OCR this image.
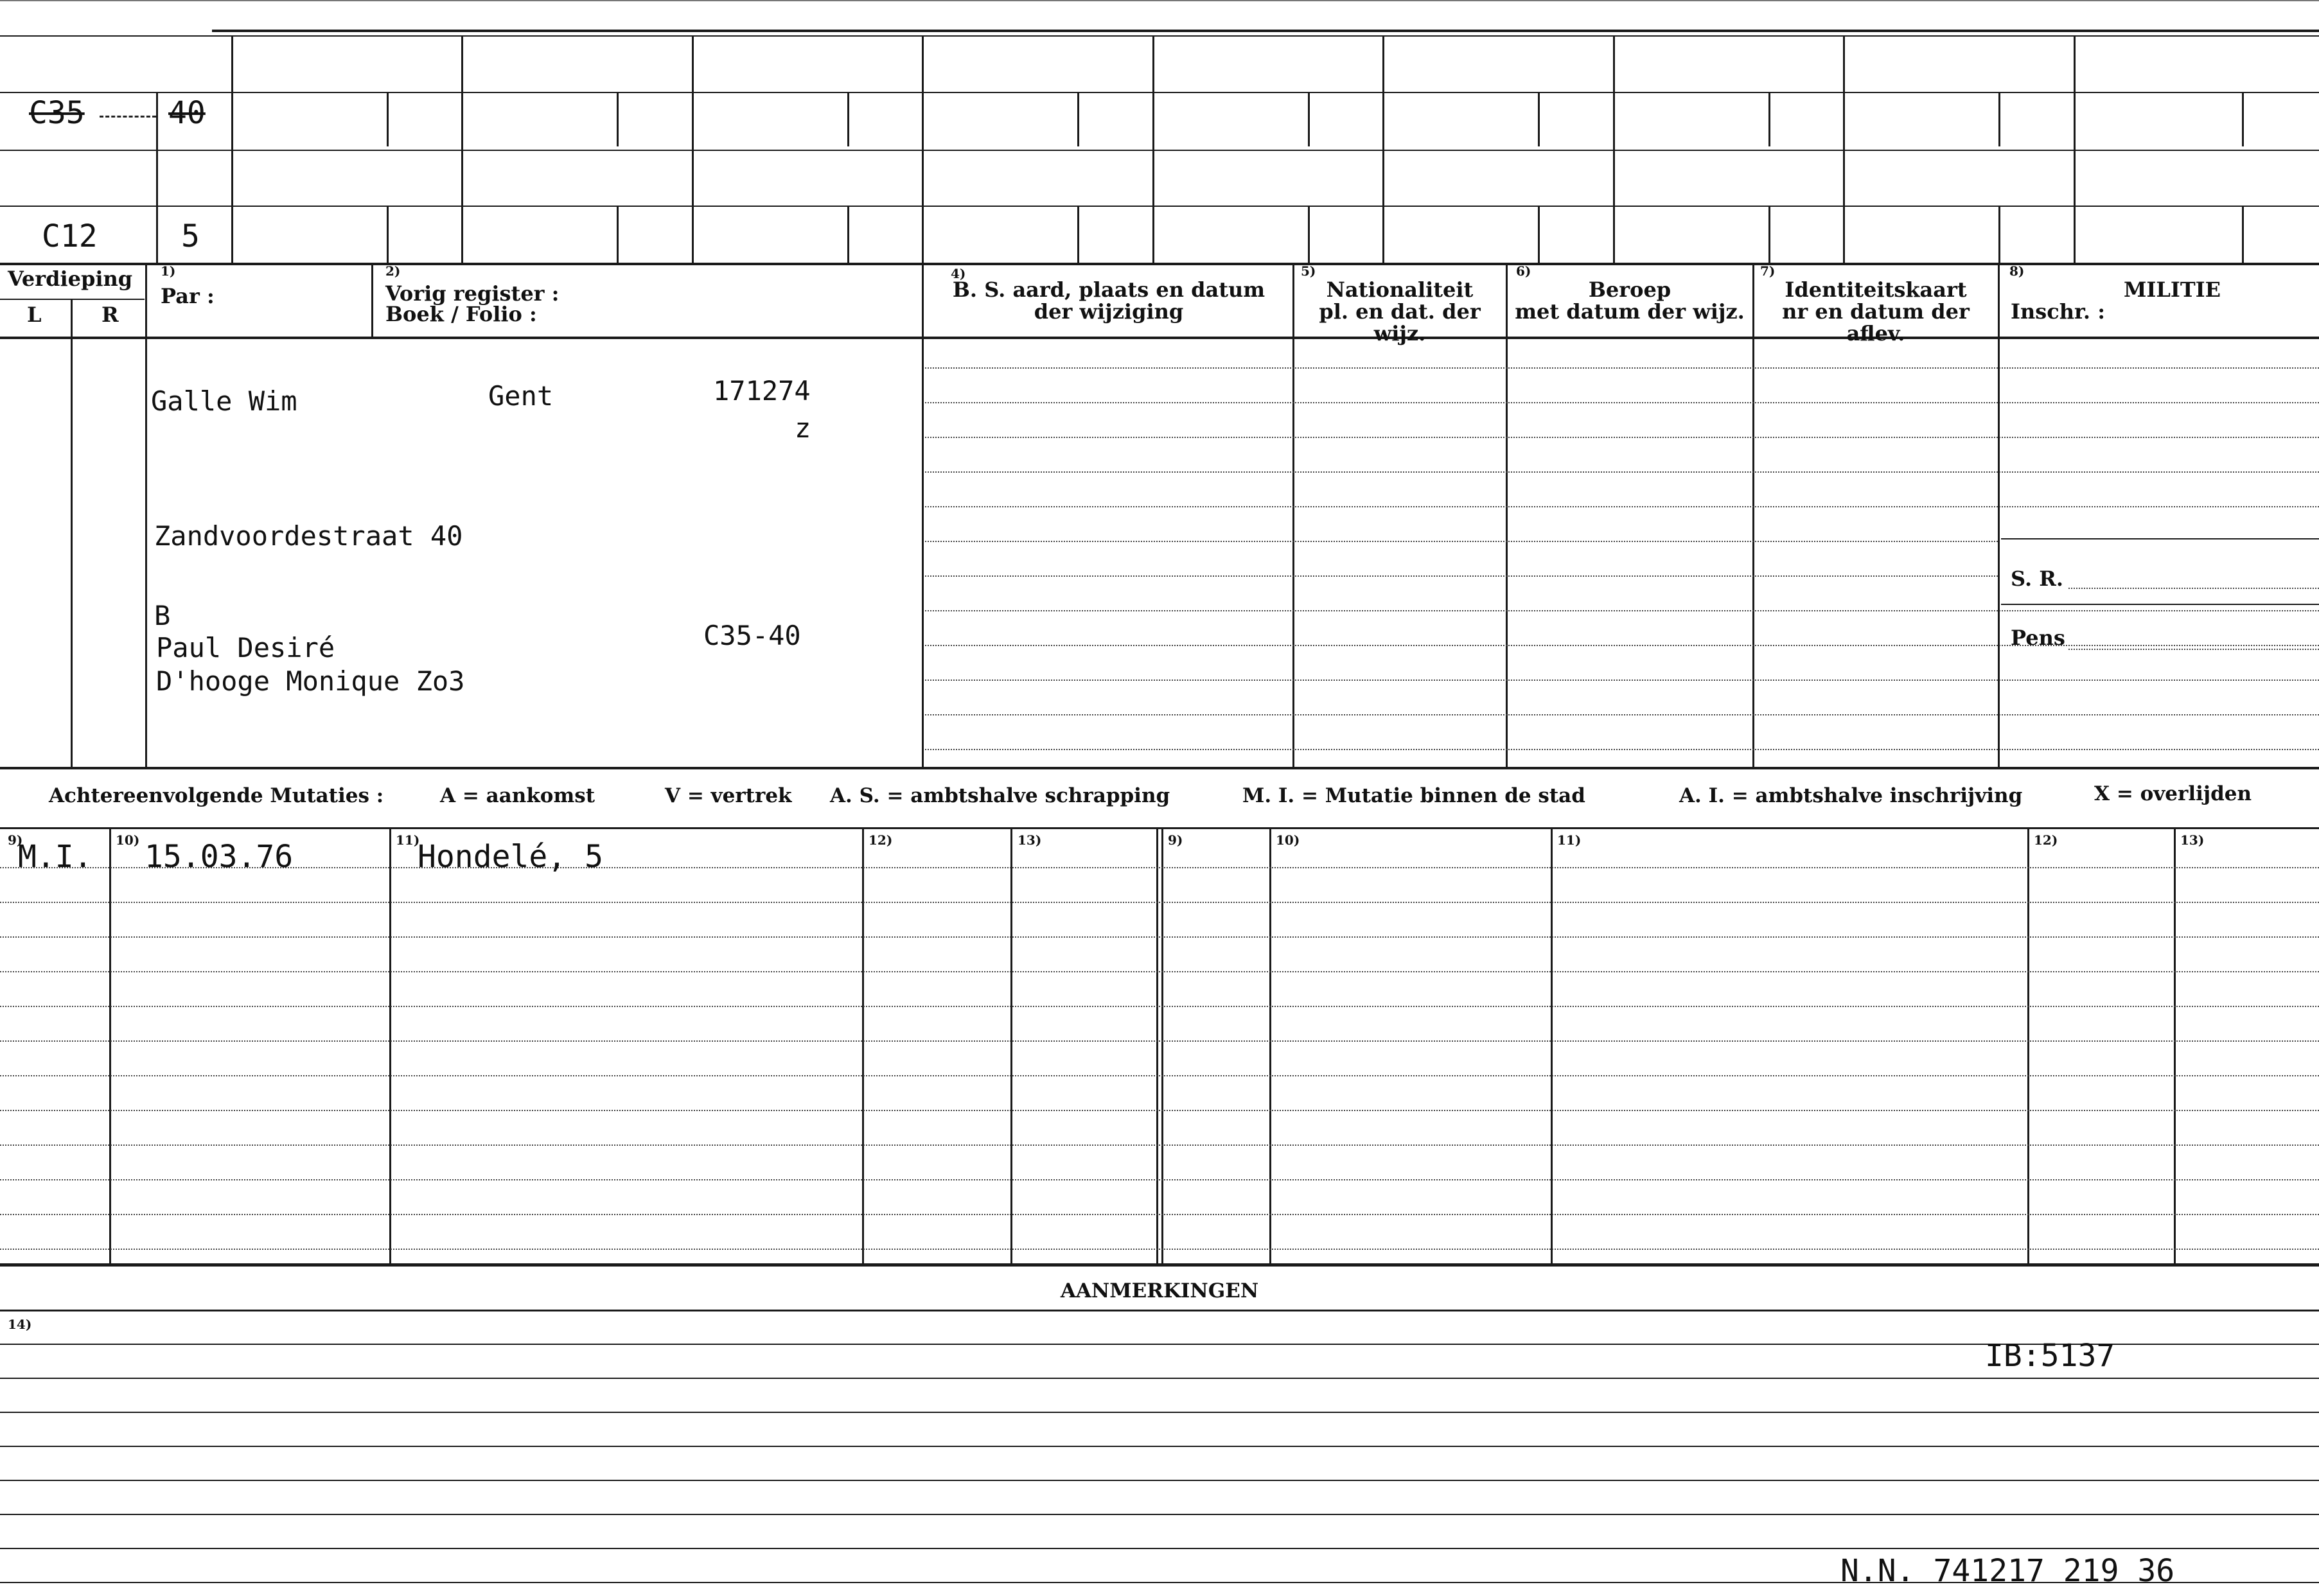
C35	40
C12	5
Verdieping
L	R
1)
Par :
2)
Vorig register :
Boek / Folio :
4)
B. S. aard, plaats en datum
der wijziging
5)
Nationaliteit
pl. en dat. der wijz.
6)
Beroep
met datum der wijz.
7)
Identiteitskaart
nr en datum der aflev.
8)
MILITIE
Inschr. :
S. R.
Pens
Galle Wim	Gent	171274
z
Zandvoordestraat 40
B
Paul Desiré
D'hooge Monique Zo3
C35-40
Achtereenvolgende Mutaties :	A = aankomst	V = vertrek A. S. = ambtshalve schrapping	M. I. = Mutatie binnen de stad	A. I. = ambtshalve inschrijving	X = overlijden
9)	10)	11)	12)	13)	9)	10)	11)	12)	13)
M.I. 15.03.76	Hondelé, 5
AANMERKINGEN
14)
IB:5137
N.N. 741217 219 36
